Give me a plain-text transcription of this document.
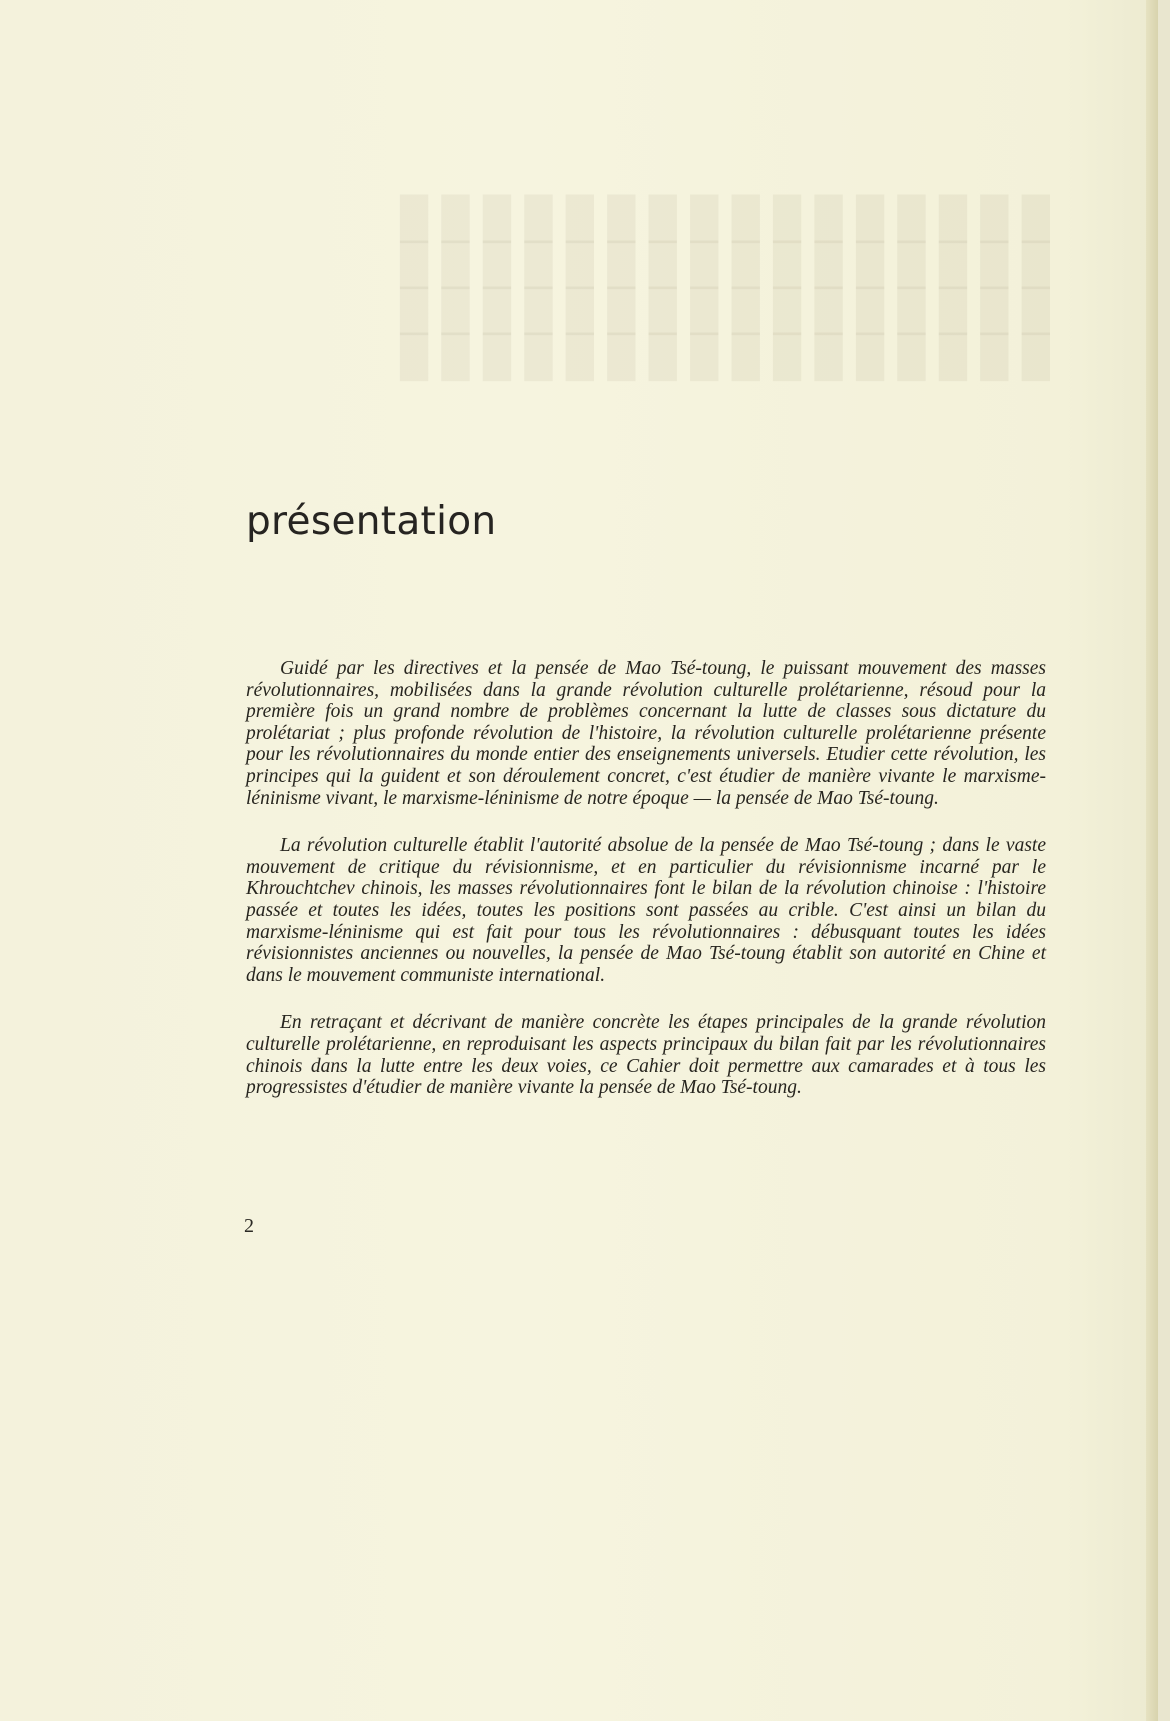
█ █ █ █ █ █ █ █ █ █ █ █ █ █ █ █
█ █ █ █ █ █ █ █ █ █ █ █ █ █ █ █
█ █ █ █ █ █ █ █ █ █ █ █ █ █ █ █
█ █ █ █ █ █ █ █ █ █ █ █ █ █ █ █
présentation

Guidé par les directives et la pensée de Mao Tsé-toung, le puissant mouvement des masses révolutionnaires, mobilisées dans la grande révolution culturelle prolétarienne, résoud pour la première fois un grand nombre de problèmes concernant la lutte de classes sous dictature du prolétariat ; plus profonde révolution de l'histoire, la révolution culturelle prolétarienne présente pour les révolutionnaires du monde entier des enseignements universels. Etudier cette révolution, les principes qui la guident et son déroulement concret, c'est étudier de manière vivante le marxisme-léninisme vivant, le marxisme-léninisme de notre époque — la pensée de Mao Tsé-toung.

La révolution culturelle établit l'autorité absolue de la pensée de Mao Tsé-toung ; dans le vaste mouvement de critique du révisionnisme, et en particulier du révisionnisme incarné par le Khrouchtchev chinois, les masses révolutionnaires font le bilan de la révolution chinoise : l'histoire passée et toutes les idées, toutes les positions sont passées au crible. C'est ainsi un bilan du marxisme-léninisme qui est fait pour tous les révolutionnaires : débusquant toutes les idées révisionnistes anciennes ou nouvelles, la pensée de Mao Tsé-toung établit son autorité en Chine et dans le mouvement communiste international.

En retraçant et décrivant de manière concrète les étapes principales de la grande révolution culturelle prolétarienne, en reproduisant les aspects principaux du bilan fait par les révolutionnaires chinois dans la lutte entre les deux voies, ce Cahier doit permettre aux camarades et à tous les progressistes d'étudier de manière vivante la pensée de Mao Tsé-toung.

2
